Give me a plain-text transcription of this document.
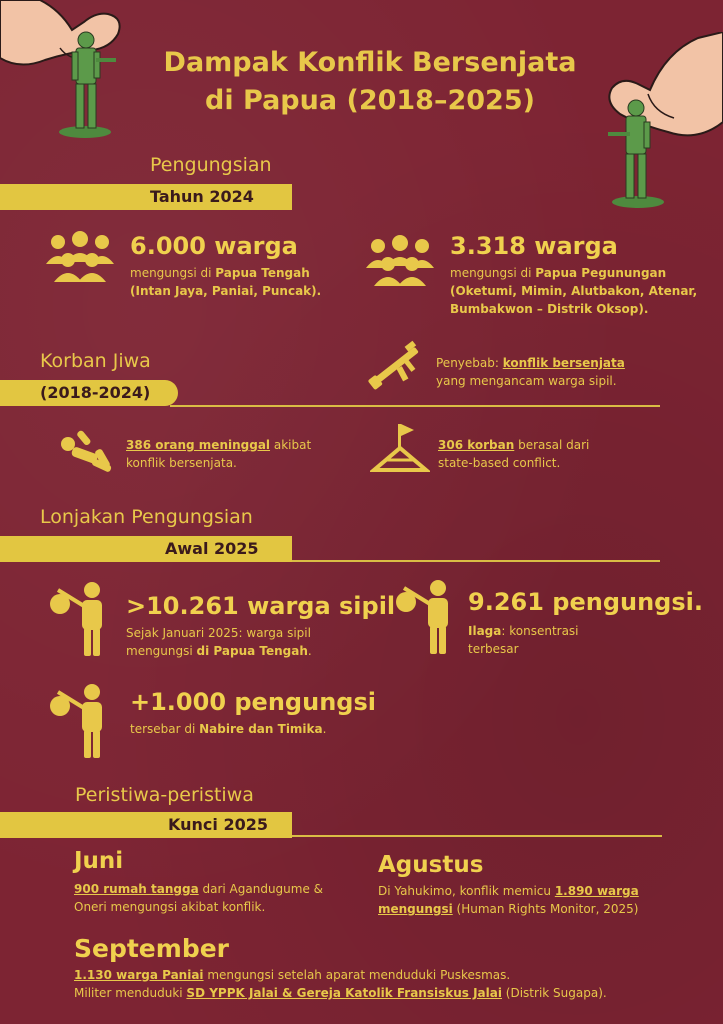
Dampak Konflik Bersenjata
di Papua (2018–2025)
Pengungsian
Tahun 2024
6.000 warga
mengungsi di Papua Tengah
(Intan Jaya, Paniai, Puncak).
3.318 warga
mengungsi di Papua Pegunungan
(Oketumi, Mimin, Alutbakon, Atenar,
Bumbakwon – Distrik Oksop).
Korban Jiwa
(2018-2024)
Penyebab: konflik bersenjata
yang mengancam warga sipil.
386 orang meninggal akibat
konflik bersenjata.
306 korban berasal dari
state-based conflict.
Lonjakan Pengungsian
Awal 2025
>10.261 warga sipil
Sejak Januari 2025: warga sipil
mengungsi di Papua Tengah.
9.261 pengungsi.
Ilaga: konsentrasi
terbesar
+1.000 pengungsi
tersebar di Nabire dan Timika.
Peristiwa-peristiwa
Kunci 2025
Juni
900 rumah tangga dari Agandugume &
Oneri mengungsi akibat konflik.
Agustus
Di Yahukimo, konflik memicu 1.890 warga
mengungsi (Human Rights Monitor, 2025)
September
1.130 warga Paniai mengungsi setelah aparat menduduki Puskesmas.
Militer menduduki SD YPPK Jalai & Gereja Katolik Fransiskus Jalai (Distrik Sugapa).
